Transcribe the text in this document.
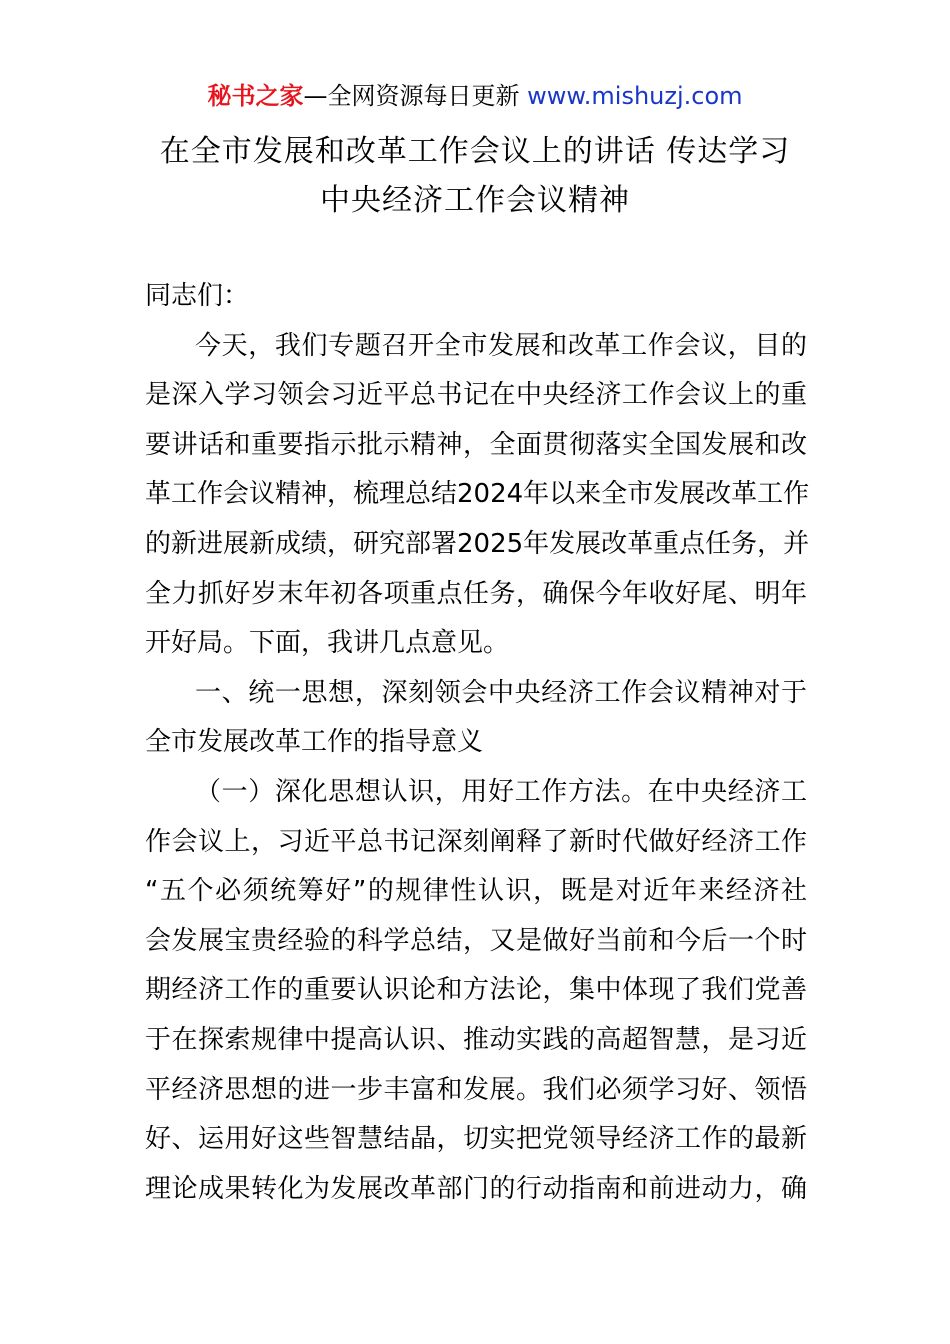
秘书之家—全网资源每日更新 www.mishuzj.com
在全市发展和改革工作会议上的讲话 传达学习
中央经济工作会议精神
同志们：
今天，我们专题召开全市发展和改革工作会议，目的
是深入学习领会习近平总书记在中央经济工作会议上的重
要讲话和重要指示批示精神，全面贯彻落实全国发展和改
革工作会议精神，梳理总结2024年以来全市发展改革工作
的新进展新成绩，研究部署2025年发展改革重点任务，并
全力抓好岁末年初各项重点任务，确保今年收好尾、明年
开好局。下面，我讲几点意见。
一、统一思想，深刻领会中央经济工作会议精神对于
全市发展改革工作的指导意义
（一）深化思想认识，用好工作方法。在中央经济工
作会议上，习近平总书记深刻阐释了新时代做好经济工作
“五个必须统筹好”的规律性认识，既是对近年来经济社
会发展宝贵经验的科学总结，又是做好当前和今后一个时
期经济工作的重要认识论和方法论，集中体现了我们党善
于在探索规律中提高认识、推动实践的高超智慧，是习近
平经济思想的进一步丰富和发展。我们必须学习好、领悟
好、运用好这些智慧结晶，切实把党领导经济工作的最新
理论成果转化为发展改革部门的行动指南和前进动力，确
